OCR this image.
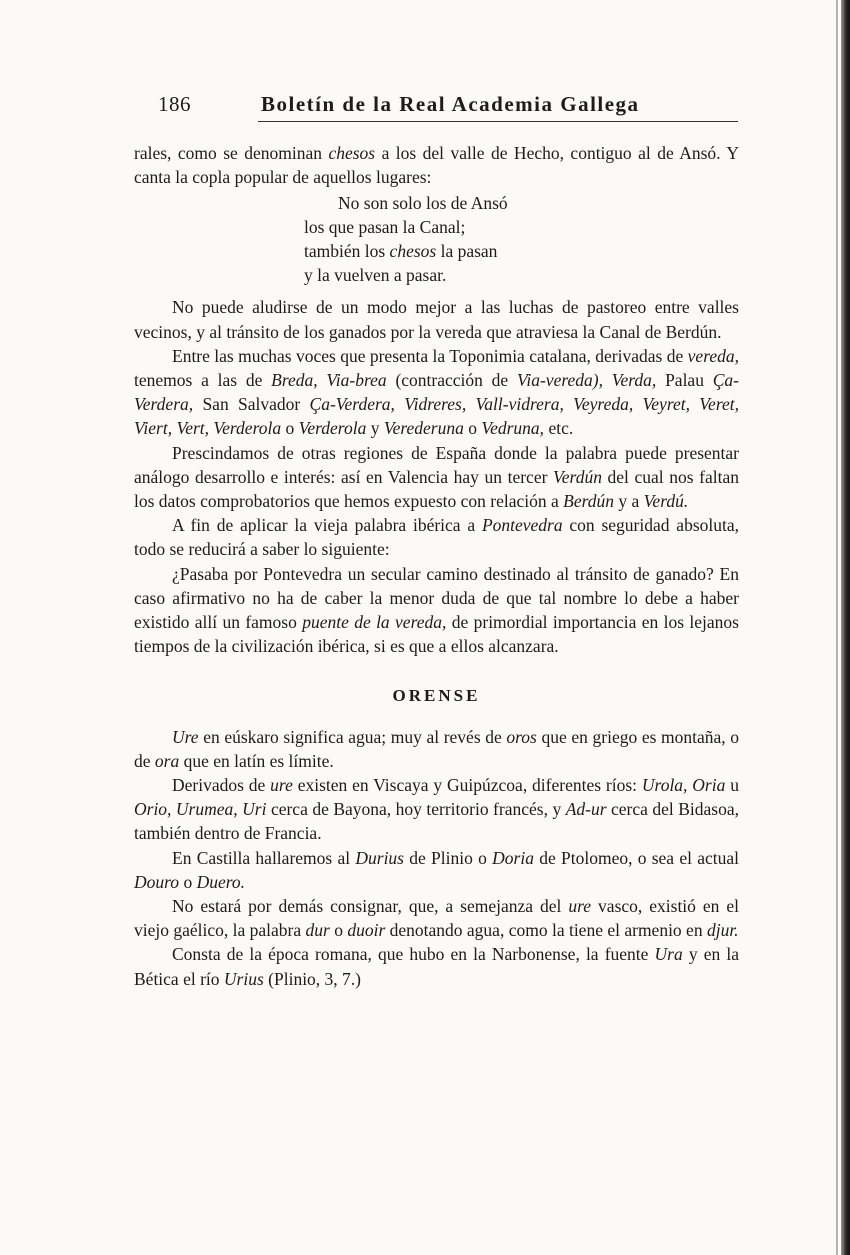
186	Boletín de la Real Academia Gallega

rales, como se denominan chesos a los del valle de Hecho, contiguo al de Ansó. Y canta la copla popular de aquellos lugares:

No son solo los de Ansó
los que pasan la Canal;
también los chesos la pasan
y la vuelven a pasar.

No puede aludirse de un modo mejor a las luchas de pastoreo entre valles vecinos, y al tránsito de los ganados por la vereda que atraviesa la Canal de Berdún.

Entre las muchas voces que presenta la Toponimia catalana, derivadas de vereda, tenemos a las de Breda, Via-brea (contracción de Via-vereda), Verda, Palau Ça-Verdera, San Salvador Ça-Verdera, Vidreres, Vall-vidrera, Veyreda, Veyret, Veret, Viert, Vert, Verderola o Verderola y Verederuna o Vedruna, etc.

Prescindamos de otras regiones de España donde la palabra puede presentar análogo desarrollo e interés: así en Valencia hay un tercer Verdún del cual nos faltan los datos comprobatorios que hemos expuesto con relación a Berdún y a Verdú.

A fin de aplicar la vieja palabra ibérica a Pontevedra con seguridad absoluta, todo se reducirá a saber lo siguiente:

¿Pasaba por Pontevedra un secular camino destinado al tránsito de ganado? En caso afirmativo no ha de caber la menor duda de que tal nombre lo debe a haber existido allí un famoso puente de la vereda, de primordial importancia en los lejanos tiempos de la civilización ibérica, si es que a ellos alcanzara.

ORENSE

Ure en eúskaro significa agua; muy al revés de oros que en griego es montaña, o de ora que en latín es límite.

Derivados de ure existen en Viscaya y Guipúzcoa, diferentes ríos: Urola, Oria u Orio, Urumea, Uri cerca de Bayona, hoy territorio francés, y Ad-ur cerca del Bidasoa, también dentro de Francia.

En Castilla hallaremos al Durius de Plinio o Doria de Ptolomeo, o sea el actual Douro o Duero.

No estará por demás consignar, que, a semejanza del ure vasco, existió en el viejo gaélico, la palabra dur o duoir denotando agua, como la tiene el armenio en djur.

Consta de la época romana, que hubo en la Narbonense, la fuente Ura y en la Bética el río Urius (Plinio, 3, 7.)
